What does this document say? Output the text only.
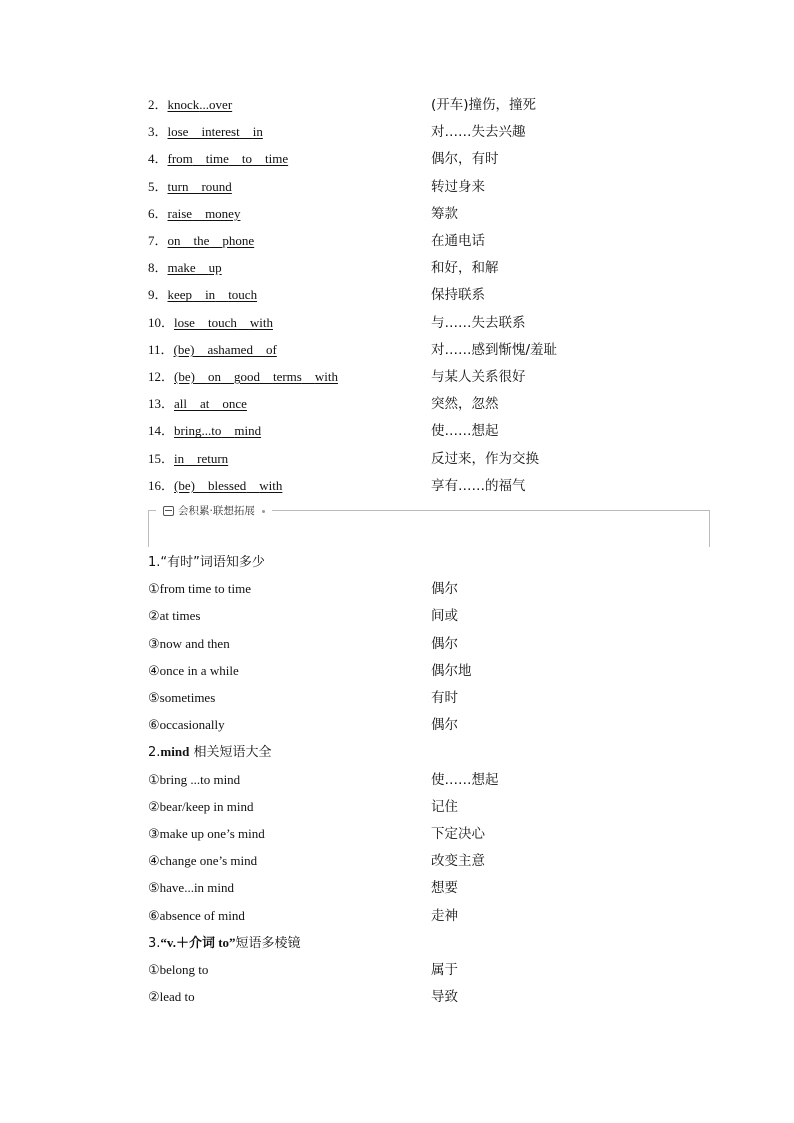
2．knock...over	(开车)撞伤，撞死
3．lose interest in	对……失去兴趣
4．from time to time	偶尔，有时
5．turn round	转过身来
6．raise money	筹款
7．on the phone	在通电话
8．make up	和好，和解
9．keep in touch	保持联系
10．lose touch with	与……失去联系
11．(be) ashamed of	对……感到惭愧/羞耻
12．(be) on good terms with	与某人关系很好
13．all at once	突然，忽然
14．bring...to mind	使……想起
15．in return	反过来，作为交换
16．(be) blessed with	享有……的福气
会积累·联想拓展
1.“有时”词语知多少
①from time to time	偶尔
②at times	间或
③now and then	偶尔
④once in a while	偶尔地
⑤sometimes	有时
⑥occasionally	偶尔
2.mind 相关短语大全
①bring ...to mind	使……想起
②bear/keep in mind	记住
③make up one’s mind	下定决心
④change one’s mind	改变主意
⑤have...in mind	想要
⑥absence of mind	走神
3.“v.＋介词 to”短语多棱镜
①belong to	属于
②lead to	导致
